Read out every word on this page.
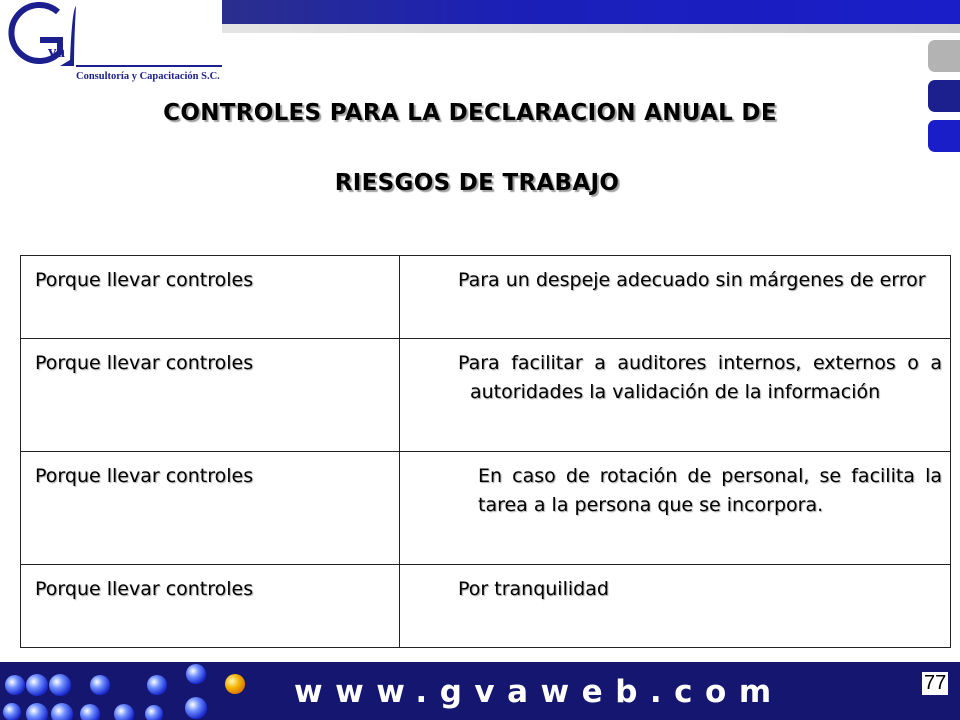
va
Consultoría y Capacitación S.C.
CONTROLES PARA LA DECLARACION ANUAL DE
RIESGOS DE TRABAJO
Porque llevar controles	Para un despeje adecuado sin márgenes de error
Porque llevar controles	Para facilitar a auditores internos, externos o a autoridades la validación de la información
Porque llevar controles	En caso de rotación de personal, se facilita la tarea a la persona que se incorpora.
Porque llevar controles	Por tranquilidad
www.gvaweb.com	77
